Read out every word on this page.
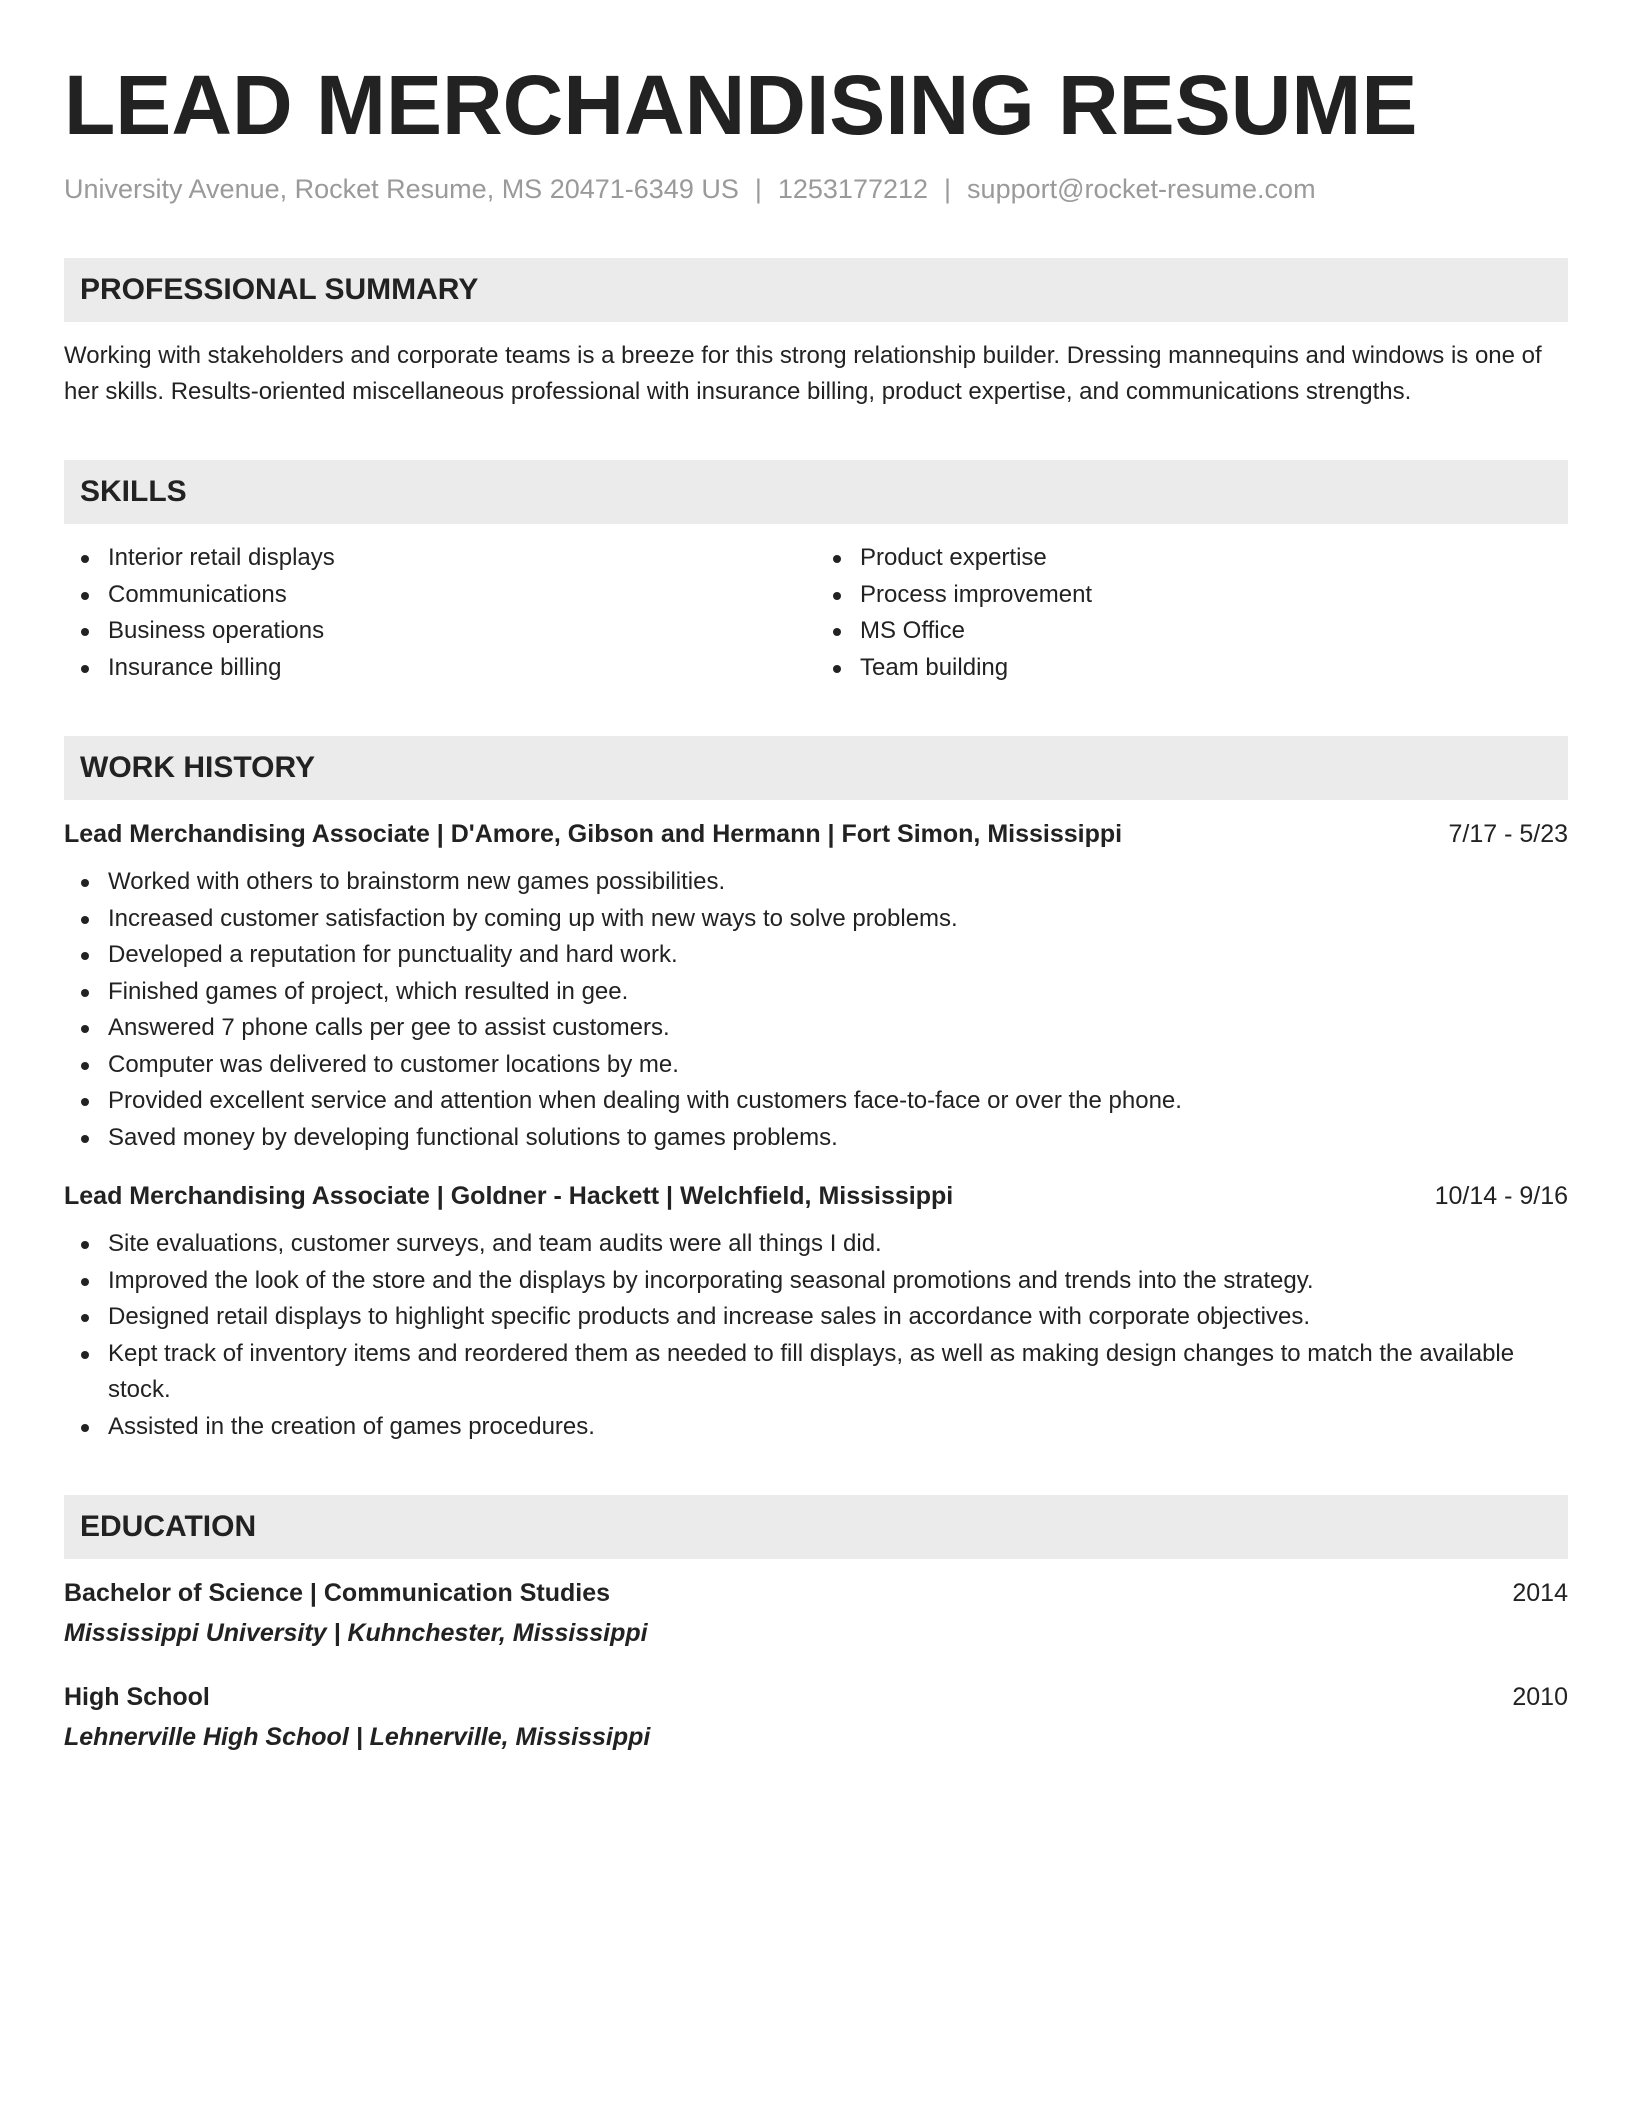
LEAD MERCHANDISING RESUME
University Avenue, Rocket Resume, MS 20471-6349 US | 1253177212 | support@rocket-resume.com
PROFESSIONAL SUMMARY
Working with stakeholders and corporate teams is a breeze for this strong relationship builder. Dressing mannequins and windows is one of her skills. Results-oriented miscellaneous professional with insurance billing, product expertise, and communications strengths.
SKILLS
Interior retail displays
Communications
Business operations
Insurance billing
Product expertise
Process improvement
MS Office
Team building
WORK HISTORY
Lead Merchandising Associate | D'Amore, Gibson and Hermann | Fort Simon, Mississippi	7/17 - 5/23
Worked with others to brainstorm new games possibilities.
Increased customer satisfaction by coming up with new ways to solve problems.
Developed a reputation for punctuality and hard work.
Finished games of project, which resulted in gee.
Answered 7 phone calls per gee to assist customers.
Computer was delivered to customer locations by me.
Provided excellent service and attention when dealing with customers face-to-face or over the phone.
Saved money by developing functional solutions to games problems.
Lead Merchandising Associate | Goldner - Hackett | Welchfield, Mississippi	10/14 - 9/16
Site evaluations, customer surveys, and team audits were all things I did.
Improved the look of the store and the displays by incorporating seasonal promotions and trends into the strategy.
Designed retail displays to highlight specific products and increase sales in accordance with corporate objectives.
Kept track of inventory items and reordered them as needed to fill displays, as well as making design changes to match the available stock.
Assisted in the creation of games procedures.
EDUCATION
Bachelor of Science | Communication Studies	2014
Mississippi University | Kuhnchester, Mississippi
High School	2010
Lehnerville High School | Lehnerville, Mississippi
